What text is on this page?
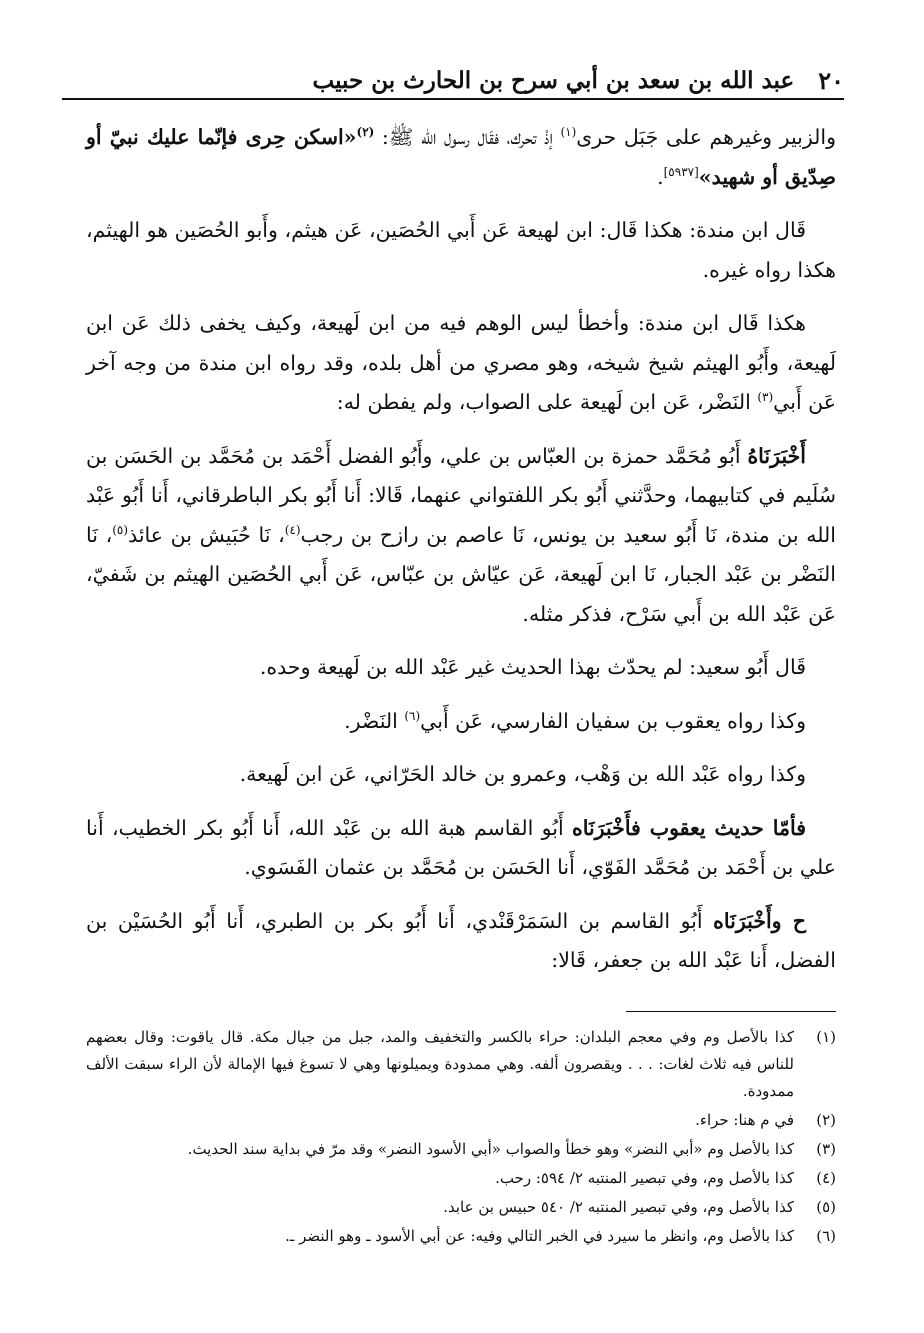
٢٠
عبد الله بن سعد بن أبي سرح بن الحارث بن حبيب

والزبير وغيرهم على جَبَل حرى$^{(١)}$ إذْ تحرك، فقَال رسول الله ﷺ: $^{(٢)}$«اسكن حِرى فإنّما عليك نبيّ أو صِدّيق أو شهيد»[٥٩٣٧].

قَال ابن مندة: هكذا قَال: ابن لهيعة عَن أَبي الحُصَين، عَن هيثم، وأَبو الحُصَين هو الهيثم، هكذا رواه غيره.

هكذا قَال ابن مندة: وأخطأ ليس الوهم فيه من ابن لَهيعة، وكيف يخفى ذلك عَن ابن لَهيعة، وأَبُو الهيثم شيخ شيخه، وهو مصري من أهل بلده، وقد رواه ابن مندة من وجه آخر عَن أَبي$^{(٣)}$ النَضْر، عَن ابن لَهيعة على الصواب، ولم يفطن له:

أَخْبَرَنَاهُ أَبُو مُحَمَّد حمزة بن العبّاس بن علي، وأَبُو الفضل أَحْمَد بن مُحَمَّد بن الحَسَن بن سُلَيم في كتابيهما، وحدَّثني أَبُو بكر اللفتواني عنهما، قَالا: أَنا أَبُو بكر الباطرقاني، أَنا أَبُو عَبْد الله بن مندة، نَا أَبُو سعيد بن يونس، نَا عاصم بن رازح بن رجب$^{(٤)}$، نَا حُبَيش بن عائذ$^{(٥)}$، نَا النَضْر بن عَبْد الجبار، نَا ابن لَهيعة، عَن عيّاش بن عبّاس، عَن أَبي الحُصَين الهيثم بن شَفيّ، عَن عَبْد الله بن أَبي سَرْح، فذكر مثله.

قَال أَبُو سعيد: لم يحدّث بهذا الحديث غير عَبْد الله بن لَهيعة وحده.

وكذا رواه يعقوب بن سفيان الفارسي، عَن أَبي$^{(٦)}$ النَضْر.

وكذا رواه عَبْد الله بن وَهْب، وعمرو بن خالد الحَرّاني، عَن ابن لَهيعة.

فأمّا حديث يعقوب فأَخْبَرَنَاه أَبُو القاسم هبة الله بن عَبْد الله، أَنا أَبُو بكر الخطيب، أَنا علي بن أَحْمَد بن مُحَمَّد الفَوّي، أَنا الحَسَن بن مُحَمَّد بن عثمان الفَسَوي.

ح وأَخْبَرَنَاه أَبُو القاسم بن السَمَرْقَنْدي، أَنا أَبُو بكر بن الطبري، أَنا أَبُو الحُسَيْن بن الفضل، أَنا عَبْد الله بن جعفر، قَالا:

(١)
كذا بالأصل وم وفي معجم البلدان: حراء بالكسر والتخفيف والمد، جبل من جبال مكة. قال ياقوت: وقال بعضهم للناس فيه ثلاث لغات: . . . ويقصرون ألفه. وهي ممدودة ويميلونها وهي لا تسوغ فيها الإمالة لأن الراء سبقت الألف ممدودة.
(٢)
في م هنا: حراء.
(٣)
كذا بالأصل وم «أبي النضر» وهو خطأ والصواب «أبي الأسود النضر» وقد مرّ في بداية سند الحديث.
(٤)
كذا بالأصل وم، وفي تبصير المنتبه ٢/ ٥٩٤: رحب.
(٥)
كذا بالأصل وم، وفي تبصير المنتبه ٢/ ٥٤٠ حبيس بن عابد.
(٦)
كذا بالأصل وم، وانظر ما سيرد في الخبر التالي وفيه: عن أبي الأسود ـ وهو النضر ـ.
